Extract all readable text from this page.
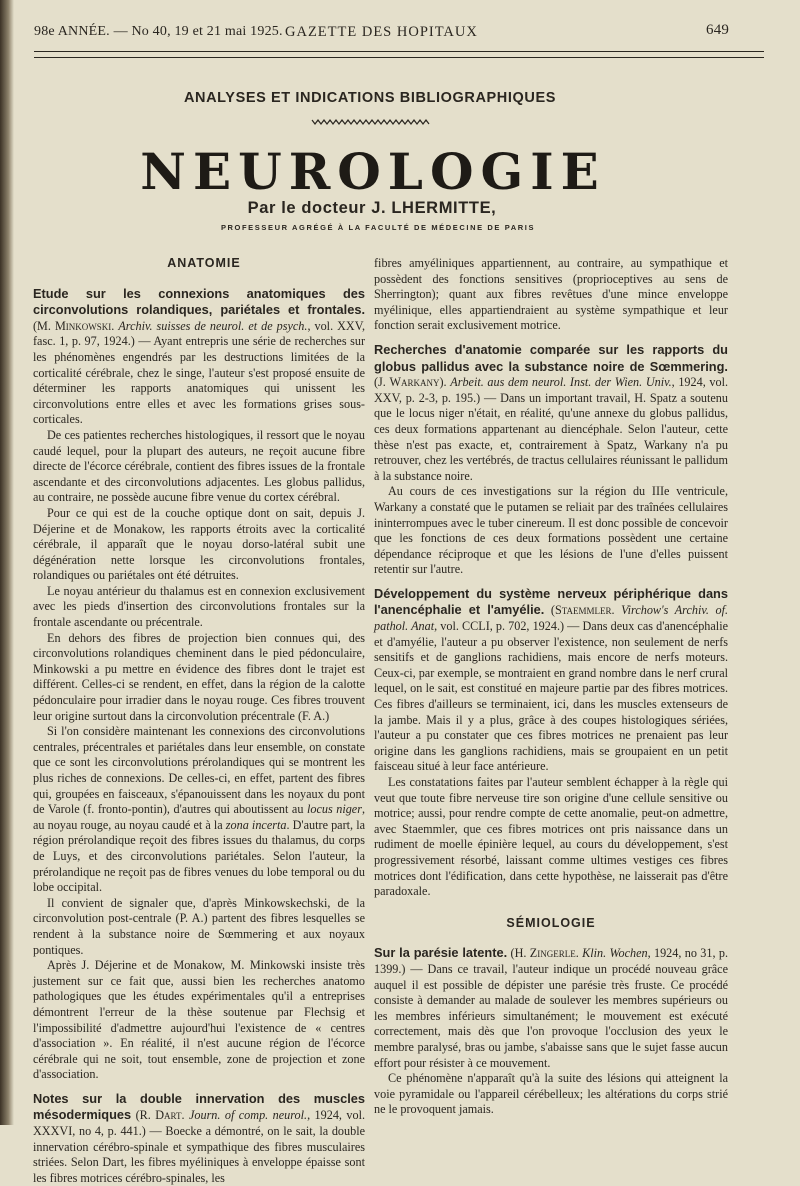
98e ANNÉE. — No 40, 19 et 21 mai 1925. GAZETTE DES HOPITAUX	649
ANALYSES ET INDICATIONS BIBLIOGRAPHIQUES
NEUROLOGIE
Par le docteur J. LHERMITTE,
PROFESSEUR AGRÉGÉ À LA FACULTÉ DE MÉDECINE DE PARIS
ANATOMIE

Etude sur les connexions anatomiques des circonvolutions rolandiques, pariétales et frontales. (M. Minkowski. Archiv. suisses de neurol. et de psych., vol. XXV, fasc. 1, p. 97, 1924.) — Ayant entrepris une série de recherches sur les phénomènes engendrés par les destructions limitées de la corticalité cérébrale, chez le singe, l'auteur s'est proposé ensuite de déterminer les rapports anatomiques qui unissent les circonvolutions entre elles et avec les formations grises sous-corticales.

De ces patientes recherches histologiques, il ressort que le noyau caudé lequel, pour la plupart des auteurs, ne reçoit aucune fibre directe de l'écorce cérébrale, contient des fibres issues de la frontale ascendante et des circonvolutions adjacentes. Les globus pallidus, au contraire, ne possède aucune fibre venue du cortex cérébral.

Pour ce qui est de la couche optique dont on sait, depuis J. Déjerine et de Monakow, les rapports étroits avec la corticalité cérébrale, il apparaît que le noyau dorso-latéral subit une dégénération nette lorsque les circonvolutions frontales, rolandiques ou pariétales ont été détruites.

Le noyau antérieur du thalamus est en connexion exclusivement avec les pieds d'insertion des circonvolutions frontales sur la frontale ascendante ou précentrale.

En dehors des fibres de projection bien connues qui, des circonvolutions rolandiques cheminent dans le pied pédonculaire, Minkowski a pu mettre en évidence des fibres dont le trajet est différent. Celles-ci se rendent, en effet, dans la région de la calotte pédonculaire pour irradier dans le noyau rouge. Ces fibres trouvent leur origine surtout dans la circonvolution précentrale (F. A.)

Si l'on considère maintenant les connexions des circonvolutions centrales, précentrales et pariétales dans leur ensemble, on constate que ce sont les circonvolutions prérolandiques qui se montrent les plus riches de connexions. De celles-ci, en effet, partent des fibres qui, groupées en faisceaux, s'épanouissent dans les noyaux du pont de Varole (f. fronto-pontin), d'autres qui aboutissent au locus niger, au noyau rouge, au noyau caudé et à la zona incerta. D'autre part, la région prérolandique reçoit des fibres issues du thalamus, du corps de Luys, et des circonvolutions pariétales. Selon l'auteur, la prérolandique ne reçoit pas de fibres venues du lobe temporal ou du lobe occipital.

Il convient de signaler que, d'après Minkowskechski, de la circonvolution post-centrale (P. A.) partent des fibres lesquelles se rendent à la substance noire de Sœmmering et aux noyaux pontiques.

Après J. Déjerine et de Monakow, M. Minkowski insiste très justement sur ce fait que, aussi bien les recherches anatomo pathologiques que les études expérimentales qu'il a entreprises démontrent l'erreur de la thèse soutenue par Flechsig et l'impossibilité d'admettre aujourd'hui l'existence de « centres d'association ». En réalité, il n'est aucune région de l'écorce cérébrale qui ne soit, tout ensemble, zone de projection et zone d'association.

Notes sur la double innervation des muscles mésodermiques (R. Dart. Journ. of comp. neurol., 1924, vol. XXXVI, no 4, p. 441.) — Boecke a démontré, on le sait, la double innervation cérébro-spinale et sympathique des fibres musculaires striées. Selon Dart, les fibres myéliniques à enveloppe épaisse sont les fibres motrices cérébro-spinales, les

fibres amyéliniques appartiennent, au contraire, au sympathique et possèdent des fonctions sensitives (proprioceptives au sens de Sherrington); quant aux fibres revêtues d'une mince enveloppe myélinique, elles appartiendraient au système sympathique et leur fonction serait exclusivement motrice.

Recherches d'anatomie comparée sur les rapports du globus pallidus avec la substance noire de Sœmmering. (J. Warkany). Arbeit. aus dem neurol. Inst. der Wien. Univ., 1924, vol. XXV, p. 2-3, p. 195.) — Dans un important travail, H. Spatz a soutenu que le locus niger n'était, en réalité, qu'une annexe du globus pallidus, ces deux formations appartenant au diencéphale. Selon l'auteur, cette thèse n'est pas exacte, et, contrairement à Spatz, Warkany n'a pu retrouver, chez les vertébrés, de tractus cellulaires réunissant le pallidum à la substance noire.

Au cours de ces investigations sur la région du IIIe ventricule, Warkany a constaté que le putamen se reliait par des traînées cellulaires ininterrompues avec le tuber cinereum. Il est donc possible de concevoir que les fonctions de ces deux formations possèdent une certaine dépendance réciproque et que les lésions de l'une d'elles puissent retentir sur l'autre.

Développement du système nerveux périphérique dans l'anencéphalie et l'amyélie. (Staemmler. Virchow's Archiv. of. pathol. Anat, vol. CCLI, p. 702, 1924.) — Dans deux cas d'anencéphalie et d'amyélie, l'auteur a pu observer l'existence, non seulement de nerfs sensitifs et de ganglions rachidiens, mais encore de nerfs moteurs. Ceux-ci, par exemple, se montraient en grand nombre dans le nerf crural lequel, on le sait, est constitué en majeure partie par des fibres motrices. Ces fibres d'ailleurs se terminaient, ici, dans les muscles extenseurs de la jambe. Mais il y a plus, grâce à des coupes histologiques sériées, l'auteur a pu constater que ces fibres motrices ne prenaient pas leur origine dans les ganglions rachidiens, mais se groupaient en un petit faisceau situé à leur face antérieure.

Les constatations faites par l'auteur semblent échapper à la règle qui veut que toute fibre nerveuse tire son origine d'une cellule sensitive ou motrice; aussi, pour rendre compte de cette anomalie, peut-on admettre, avec Staemmler, que ces fibres motrices ont pris naissance dans un rudiment de moelle épinière lequel, au cours du développement, s'est progressivement résorbé, laissant comme ultimes vestiges ces fibres motrices dont l'édification, dans cette hypothèse, ne laisserait pas d'être paradoxale.

SÉMIOLOGIE

Sur la parésie latente. (H. Zingerle. Klin. Wochen, 1924, no 31, p. 1399.) — Dans ce travail, l'auteur indique un procédé nouveau grâce auquel il est possible de dépister une parésie très fruste. Ce procédé consiste à demander au malade de soulever les membres supérieurs ou les membres inférieurs simultanément; le mouvement est exécuté correctement, mais dès que l'on provoque l'occlusion des yeux le membre paralysé, bras ou jambe, s'abaisse sans que le sujet fasse aucun effort pour résister à ce mouvement.

Ce phénomène n'apparaît qu'à la suite des lésions qui atteignent la voie pyramidale ou l'appareil cérébelleux; les altérations du corps strié ne le provoquent jamais.
